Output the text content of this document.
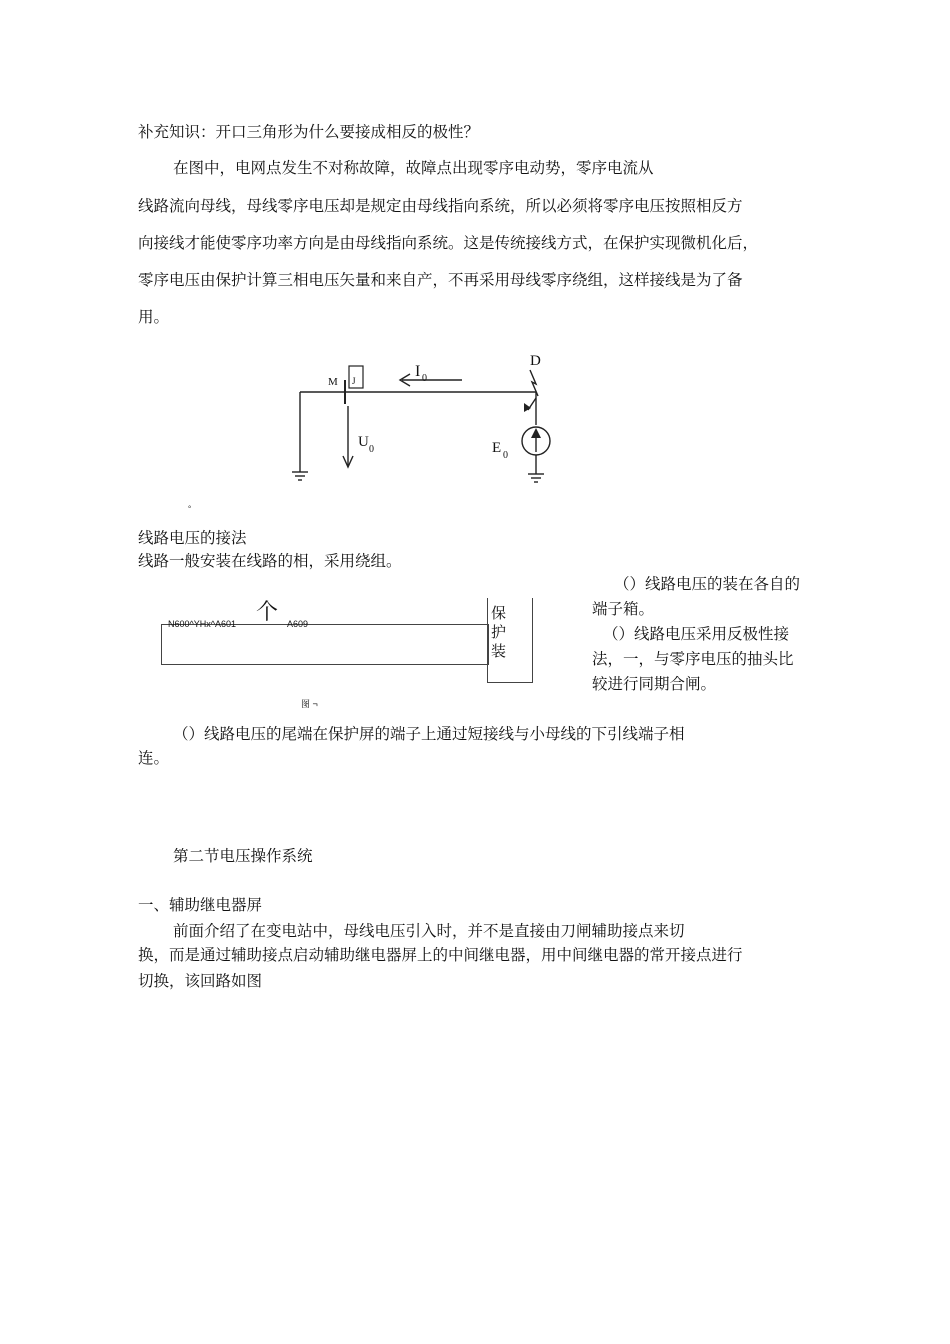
补充知识：开口三角形为什么要接成相反的极性？
在图中，电网点发生不对称故障，故障点出现零序电动势，零序电流从
线路流向母线，母线零序电压却是规定由母线指向系统，所以必须将零序电压按照相反方
向接线才能使零序功率方向是由母线指向系统。这是传统接线方式，在保护实现微机化后，
零序电压由保护计算三相电压矢量和来自产，不再采用母线零序绕组，这样接线是为了备
用。
M J
I 0
D
U 0	E 0
°
线路电压的接法
线路一般安装在线路的相，采用绕组。
保
护
装
N600^YHx^A601 个 A609
图 ¬
（）线路电压的装在各自的
端子箱。
（）线路电压采用反极性接
法，一，与零序电压的抽头比
较进行同期合闸。
（）线路电压的尾端在保护屏的端子上通过短接线与小母线的下引线端子相
连。
第二节电压操作系统
一、辅助继电器屏
前面介绍了在变电站中，母线电压引入时，并不是直接由刀闸辅助接点来切
换，而是通过辅助接点启动辅助继电器屏上的中间继电器，用中间继电器的常开接点进行
切换，该回路如图
